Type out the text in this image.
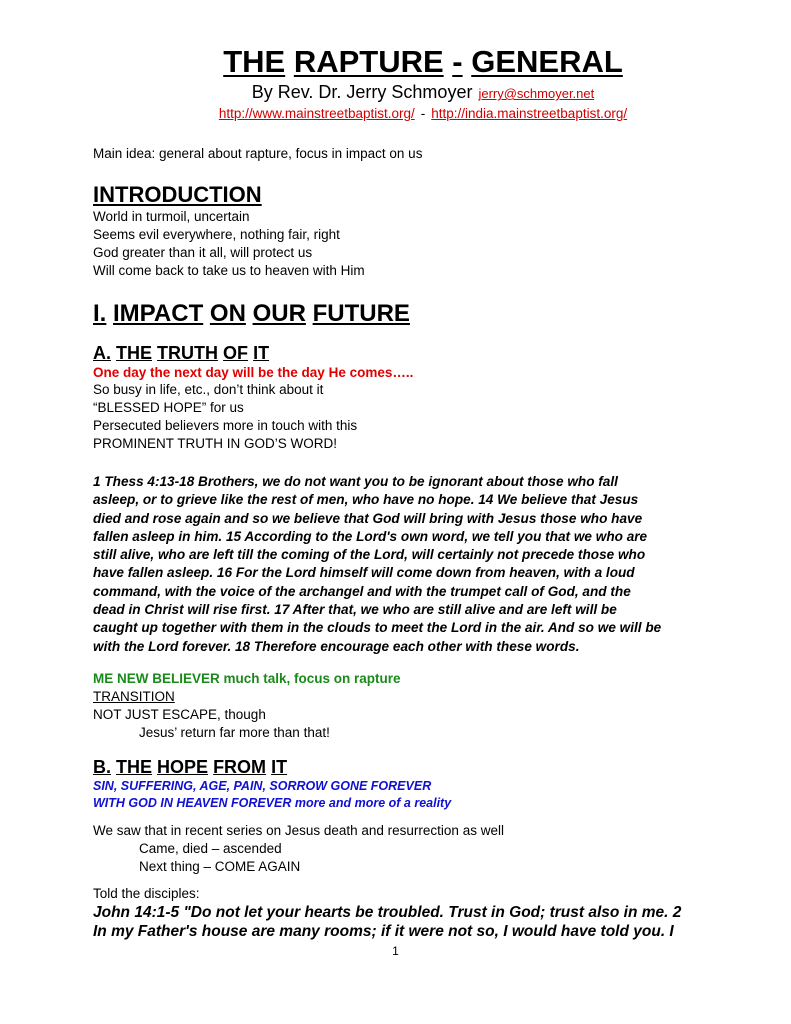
THE RAPTURE - GENERAL
By Rev. Dr. Jerry Schmoyer jerry@schmoyer.net
http://www.mainstreetbaptist.org/ - http://india.mainstreetbaptist.org/

Main idea: general about rapture, focus in impact on us

INTRODUCTION

World in turmoil, uncertain

Seems evil everywhere, nothing fair, right

God greater than it all, will protect us

Will come back to take us to heaven with Him

I. IMPACT ON OUR FUTURE
A. THE TRUTH OF IT
One day the next day will be the day He comes…..

So busy in life, etc., don’t think about it

“BLESSED HOPE” for us

Persecuted believers more in touch with this

PROMINENT TRUTH IN GOD’S WORD!

1 Thess 4:13-18 Brothers, we do not want you to be ignorant about those who fall
asleep, or to grieve like the rest of men, who have no hope. 14 We believe that Jesus
died and rose again and so we believe that God will bring with Jesus those who have
fallen asleep in him. 15 According to the Lord's own word, we tell you that we who are
still alive, who are left till the coming of the Lord, will certainly not precede those who
have fallen asleep. 16 For the Lord himself will come down from heaven, with a loud
command, with the voice of the archangel and with the trumpet call of God, and the
dead in Christ will rise first. 17 After that, we who are still alive and are left will be
caught up together with them in the clouds to meet the Lord in the air. And so we will be
with the Lord forever. 18 Therefore encourage each other with these words.
ME NEW BELIEVER much talk, focus on rapture

TRANSITION

NOT JUST ESCAPE, though

Jesus’ return far more than that!

B. THE HOPE FROM IT
SIN, SUFFERING, AGE, PAIN, SORROW GONE FOREVER
WITH GOD IN HEAVEN FOREVER more and more of a reality

We saw that in recent series on Jesus death and resurrection as well

Came, died – ascended

Next thing – COME AGAIN

Told the disciples:

John 14:1-5 "Do not let your hearts be troubled. Trust in God; trust also in me. 2
In my Father's house are many rooms; if it were not so, I would have told you. I
1
